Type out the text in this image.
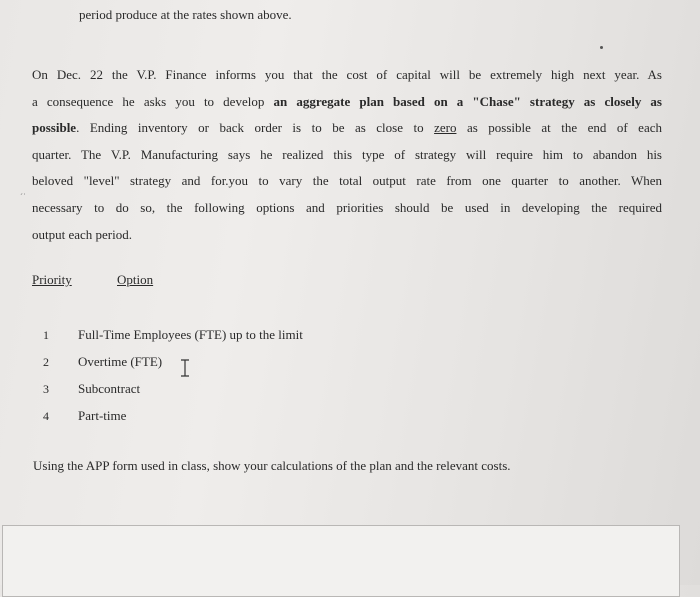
period produce at the rates shown above.
´˙
On Dec. 22 the V.P. Finance informs you that the cost of capital will be extremely high next year. As
a consequence he asks you to develop an aggregate plan based on a "Chase" strategy as closely as
possible. Ending inventory or back order is to be as close to zero as possible at the end of each
quarter. The V.P. Manufacturing says he realized this type of strategy will require him to abandon his
beloved "level" strategy and for.you to vary the total output rate from one quarter to another. When
necessary to do so, the following options and priorities should be used in developing the required
output each period.
Priority	Option
1 Full-Time Employees (FTE) up to the limit
2 Overtime (FTE)
3 Subcontract
4 Part-time
Using the APP form used in class, show your calculations of the plan and the relevant costs.
